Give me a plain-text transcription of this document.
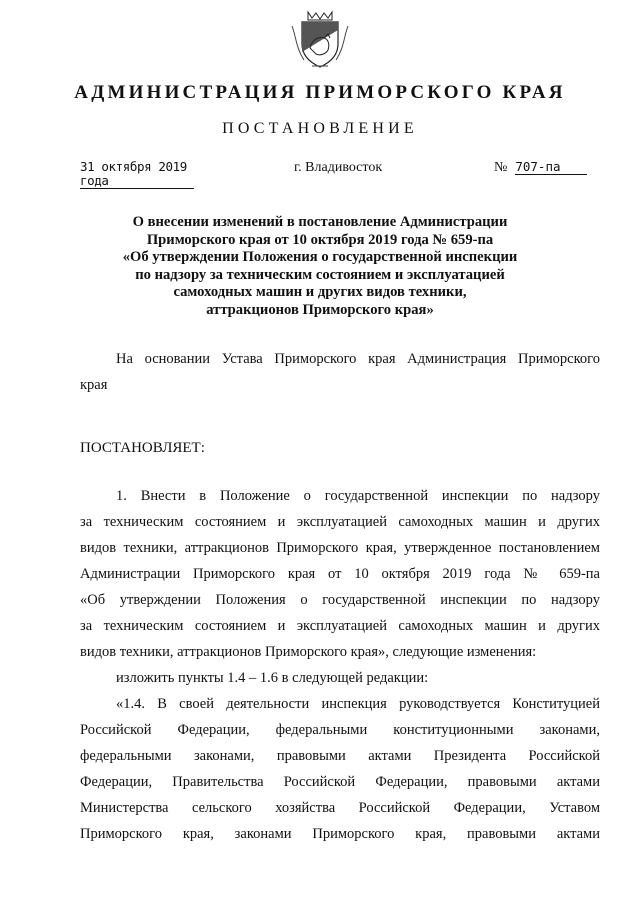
АДМИНИСТРАЦИЯ ПРИМОРСКОГО КРАЯ
ПОСТАНОВЛЕНИЕ
31 октября 2019 года
г. Владивосток	№ 707-па
О внесении изменений в постановление Администрации
Приморского края от 10 октября 2019 года № 659-па
«Об утверждении Положения о государственной инспекции
по надзору за техническим состоянием и эксплуатацией
самоходных машин и других видов техники,
аттракционов Приморского края»
На основании Устава Приморского края Администрация Приморского
края
ПОСТАНОВЛЯЕТ:
1. Внести в Положение о государственной инспекции по надзору
за техническим состоянием и эксплуатацией самоходных машин и других
видов техники, аттракционов Приморского края, утвержденное постановлением
Администрации Приморского края от 10 октября 2019 года № 659-па
«Об утверждении Положения о государственной инспекции по надзору
за техническим состоянием и эксплуатацией самоходных машин и других
видов техники, аттракционов Приморского края», следующие изменения:
изложить пункты 1.4 – 1.6 в следующей редакции:
«1.4. В своей деятельности инспекция руководствуется Конституцией
Российской Федерации, федеральными конституционными законами,
федеральными законами, правовыми актами Президента Российской
Федерации, Правительства Российской Федерации, правовыми актами
Министерства сельского хозяйства Российской Федерации, Уставом
Приморского края, законами Приморского края, правовыми актами
